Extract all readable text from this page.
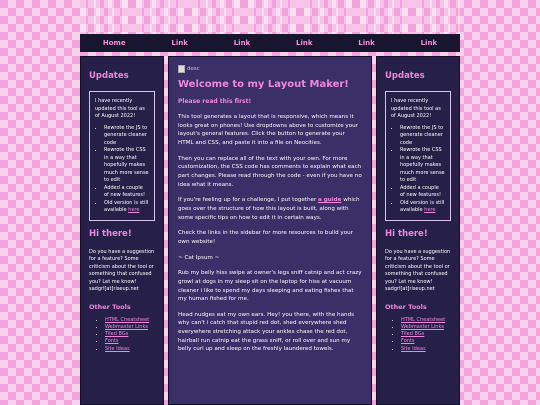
Home	Link	Link	Link	Link	Link
Updates

I have recently updated this tool as of August 2022!

• Rewrote the JS to generate cleaner code
• Rewrote the CSS in a way that hopefully makes much more sense to edit
• Added a couple of new features!
• Old version is still available here
Hi there!

Do you have a suggestion for a feature? Some criticism about the tool or something that confused you? Let me know! sadgrl[at]riseup.net

Other Tools
• HTML Cheatsheet
• Webmaster Links
• Tiled BGs
• Fonts
• Site Ideas
desc
Welcome to my Layout Maker!
Please read this first!

This tool generates a layout that is responsive, which means it looks great on phones! Use dropdowns above to customize your layout's general features. Click the button to generate your HTML and CSS, and paste it into a file on Neocities.

Then you can replace all of the text with your own. For more customization, the CSS code has comments to explain what each part changes. Please read through the code - even if you have no idea what it means.

If you're feeling up for a challenge, I put together a guide which goes over the structure of how this layout is built, along with some specific tips on how to edit it in certain ways.

Check the links in the sidebar for more resources to build your own website!

~ Cat Ipsum ~

Rub my belly hiss swipe at owner's legs sniff catnip and act crazy growl at dogs in my sleep sit on the laptop for hiss at vacuum cleaner i like to spend my days sleeping and eating fishes that my human fished for me.

Head nudges eat my own ears. Hey! you there, with the hands why can't i catch that stupid red dot, shed everywhere shed everywhere stretching attack your ankles chase the red dot, hairball run catnip eat the grass sniff, or roll over and sun my belly curl up and sleep on the freshly laundered towels.

Updates

I have recently updated this tool as of August 2022!

• Rewrote the JS to generate cleaner code
• Rewrote the CSS in a way that hopefully makes much more sense to edit
• Added a couple of new features!
• Old version is still available here
Hi there!

Do you have a suggestion for a feature? Some criticism about the tool or something that confused you? Let me know! sadgrl[at]riseup.net

Other Tools
• HTML Cheatsheet
• Webmaster Links
• Tiled BGs
• Fonts
• Site Ideas
